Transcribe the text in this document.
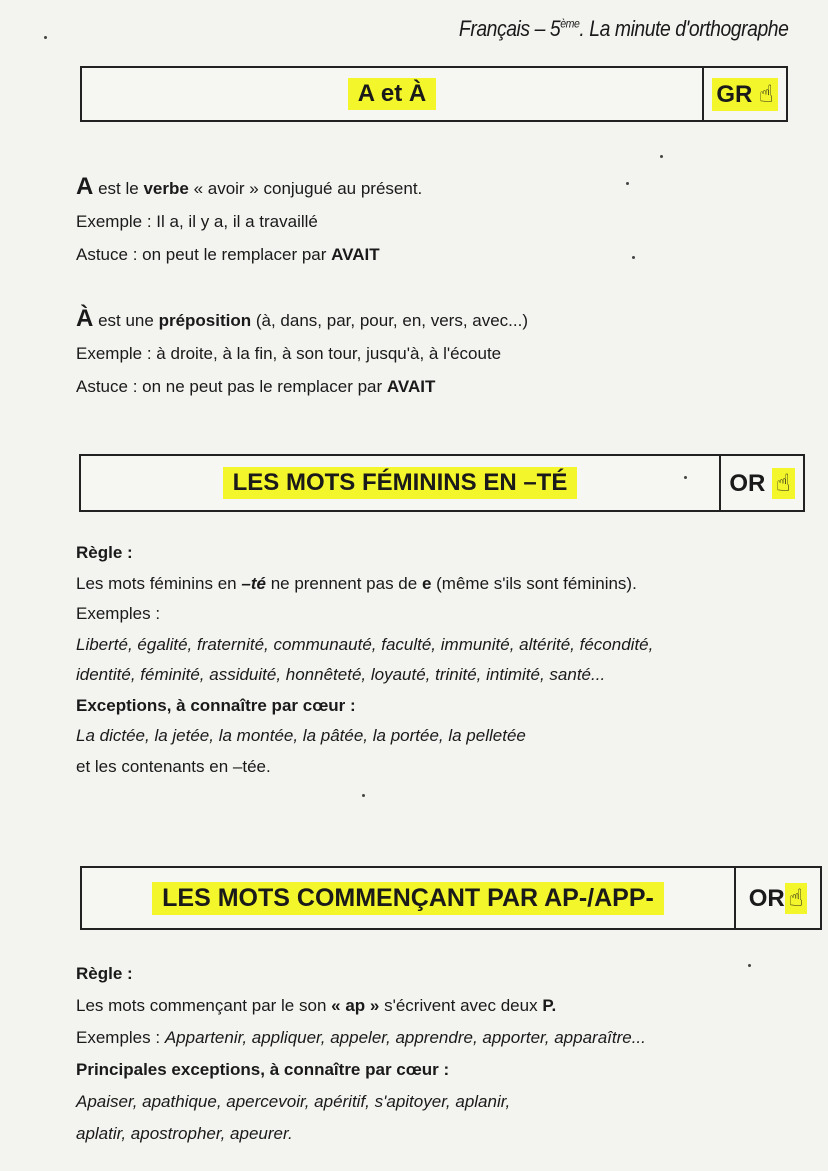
Français – 5ème. La minute d'orthographe
A et À	GR ☝

A est le verbe « avoir » conjugué au présent.

Exemple : Il a, il y a, il a travaillé

Astuce : on peut le remplacer par AVAIT

À est une préposition (à, dans, par, pour, en, vers, avec...)

Exemple : à droite, à la fin, à son tour, jusqu'à, à l'écoute

Astuce : on ne peut pas le remplacer par AVAIT

LES MOTS FÉMININS EN –TÉ	OR ☝

Règle :

Les mots féminins en –té ne prennent pas de e (même s'ils sont féminins).

Exemples :

Liberté, égalité, fraternité, communauté, faculté, immunité, altérité, fécondité,

identité, féminité, assiduité, honnêteté, loyauté, trinité, intimité, santé...

Exceptions, à connaître par cœur :

La dictée, la jetée, la montée, la pâtée, la portée, la pelletée

et les contenants en –tée.

LES MOTS COMMENÇANT PAR AP-/APP-	OR ☝

Règle :

Les mots commençant par le son « ap » s'écrivent avec deux P.

Exemples : Appartenir, appliquer, appeler, apprendre, apporter, apparaître...

Principales exceptions, à connaître par cœur :

Apaiser, apathique, apercevoir, apéritif, s'apitoyer, aplanir,

aplatir, apostropher, apeurer.
